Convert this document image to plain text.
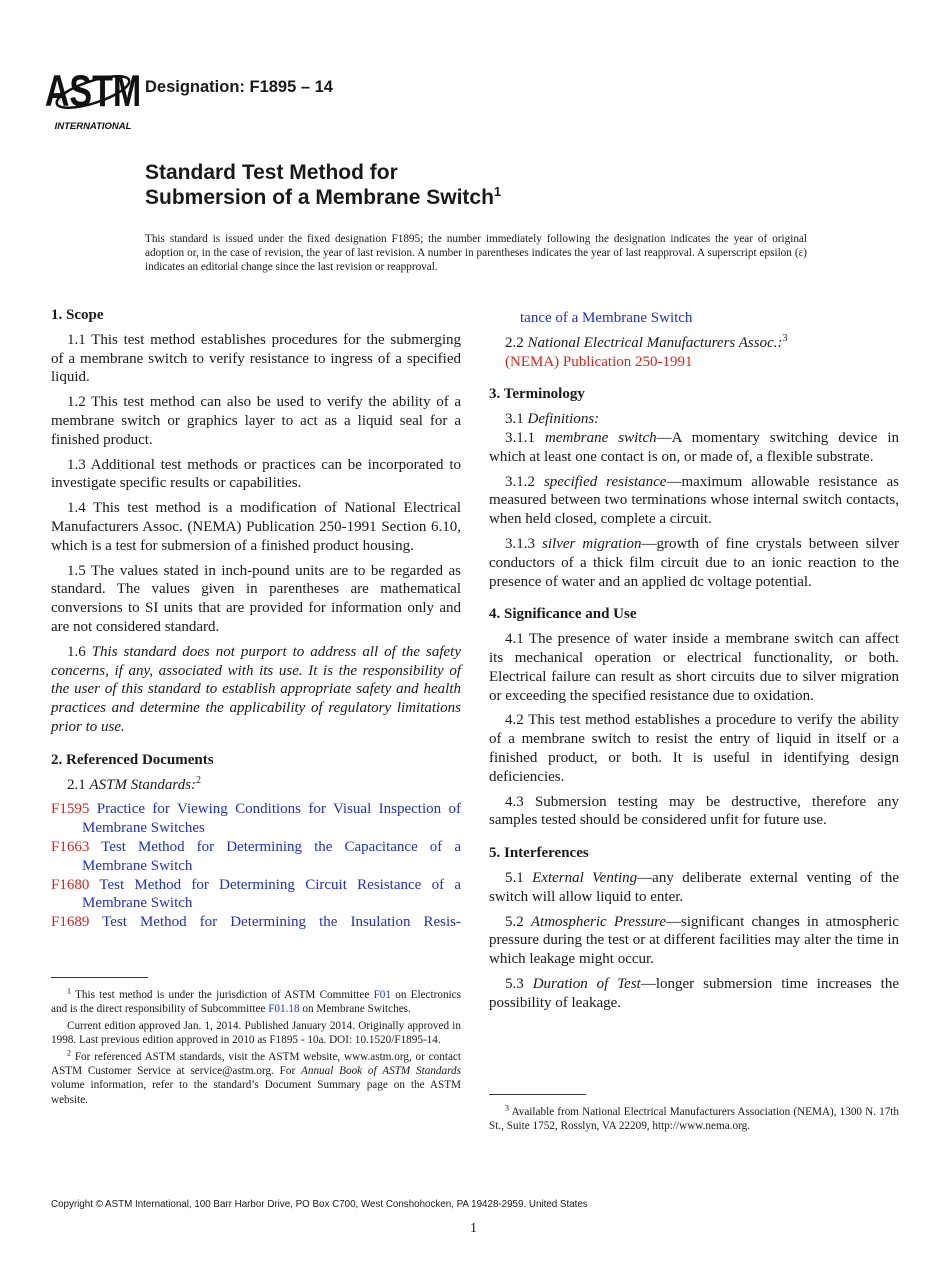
ASTM
INTERNATIONAL
Designation: F1895 – 14
Standard Test Method for
Submersion of a Membrane Switch$^1$
This standard is issued under the fixed designation F1895; the number immediately following the designation indicates the year of original adoption or, in the case of revision, the year of last revision. A number in parentheses indicates the year of last reapproval. A superscript epsilon (ε) indicates an editorial change since the last revision or reapproval.
1. Scope

1.1 This test method establishes procedures for the submerging of a membrane switch to verify resistance to ingress of a specified liquid.

1.2 This test method can also be used to verify the ability of a membrane switch or graphics layer to act as a liquid seal for a finished product.

1.3 Additional test methods or practices can be incorporated to investigate specific results or capabilities.

1.4 This test method is a modification of National Electrical Manufacturers Assoc. (NEMA) Publication 250-1991 Section 6.10, which is a test for submersion of a finished product housing.

1.5 The values stated in inch-pound units are to be regarded as standard. The values given in parentheses are mathematical conversions to SI units that are provided for information only and are not considered standard.

1.6 This standard does not purport to address all of the safety concerns, if any, associated with its use. It is the responsibility of the user of this standard to establish appropriate safety and health practices and determine the applicability of regulatory limitations prior to use.

2. Referenced Documents

2.1 ASTM Standards:$^2$

F1595 Practice for Viewing Conditions for Visual Inspection of Membrane Switches
F1663 Test Method for Determining the Capacitance of a Membrane Switch
F1680 Test Method for Determining Circuit Resistance of a Membrane Switch
F1689 Test Method for Determining the Insulation Resis-
tance of a Membrane Switch

2.2 National Electrical Manufacturers Assoc.:$^3$

(NEMA) Publication 250-1991
3. Terminology

3.1 Definitions:

3.1.1 membrane switch—A momentary switching device in which at least one contact is on, or made of, a flexible substrate.

3.1.2 specified resistance—maximum allowable resistance as measured between two terminations whose internal switch contacts, when held closed, complete a circuit.

3.1.3 silver migration—growth of fine crystals between silver conductors of a thick film circuit due to an ionic reaction to the presence of water and an applied dc voltage potential.

4. Significance and Use

4.1 The presence of water inside a membrane switch can affect its mechanical operation or electrical functionality, or both. Electrical failure can result as short circuits due to silver migration or exceeding the specified resistance due to oxidation.

4.2 This test method establishes a procedure to verify the ability of a membrane switch to resist the entry of liquid in itself or a finished product, or both. It is useful in identifying design deficiencies.

4.3 Submersion testing may be destructive, therefore any samples tested should be considered unfit for future use.

5. Interferences

5.1 External Venting—any deliberate external venting of the switch will allow liquid to enter.

5.2 Atmospheric Pressure—significant changes in atmospheric pressure during the test or at different facilities may alter the time in which leakage might occur.

5.3 Duration of Test—longer submersion time increases the possibility of leakage.

$^1$ This test method is under the jurisdiction of ASTM Committee F01 on Electronics and is the direct responsibility of Subcommittee F01.18 on Membrane Switches.
Current edition approved Jan. 1, 2014. Published January 2014. Originally approved in 1998. Last previous edition approved in 2010 as F1895 - 10a. DOI: 10.1520/F1895-14.
$^2$ For referenced ASTM standards, visit the ASTM website, www.astm.org, or contact ASTM Customer Service at service@astm.org. For Annual Book of ASTM Standards volume information, refer to the standard’s Document Summary page on the ASTM website.
$^3$ Available from National Electrical Manufacturers Association (NEMA), 1300 N. 17th St., Suite 1752, Rosslyn, VA 22209, http://www.nema.org.
Copyright © ASTM International, 100 Barr Harbor Drive, PO Box C700, West Conshohocken, PA 19428-2959. United States
1
